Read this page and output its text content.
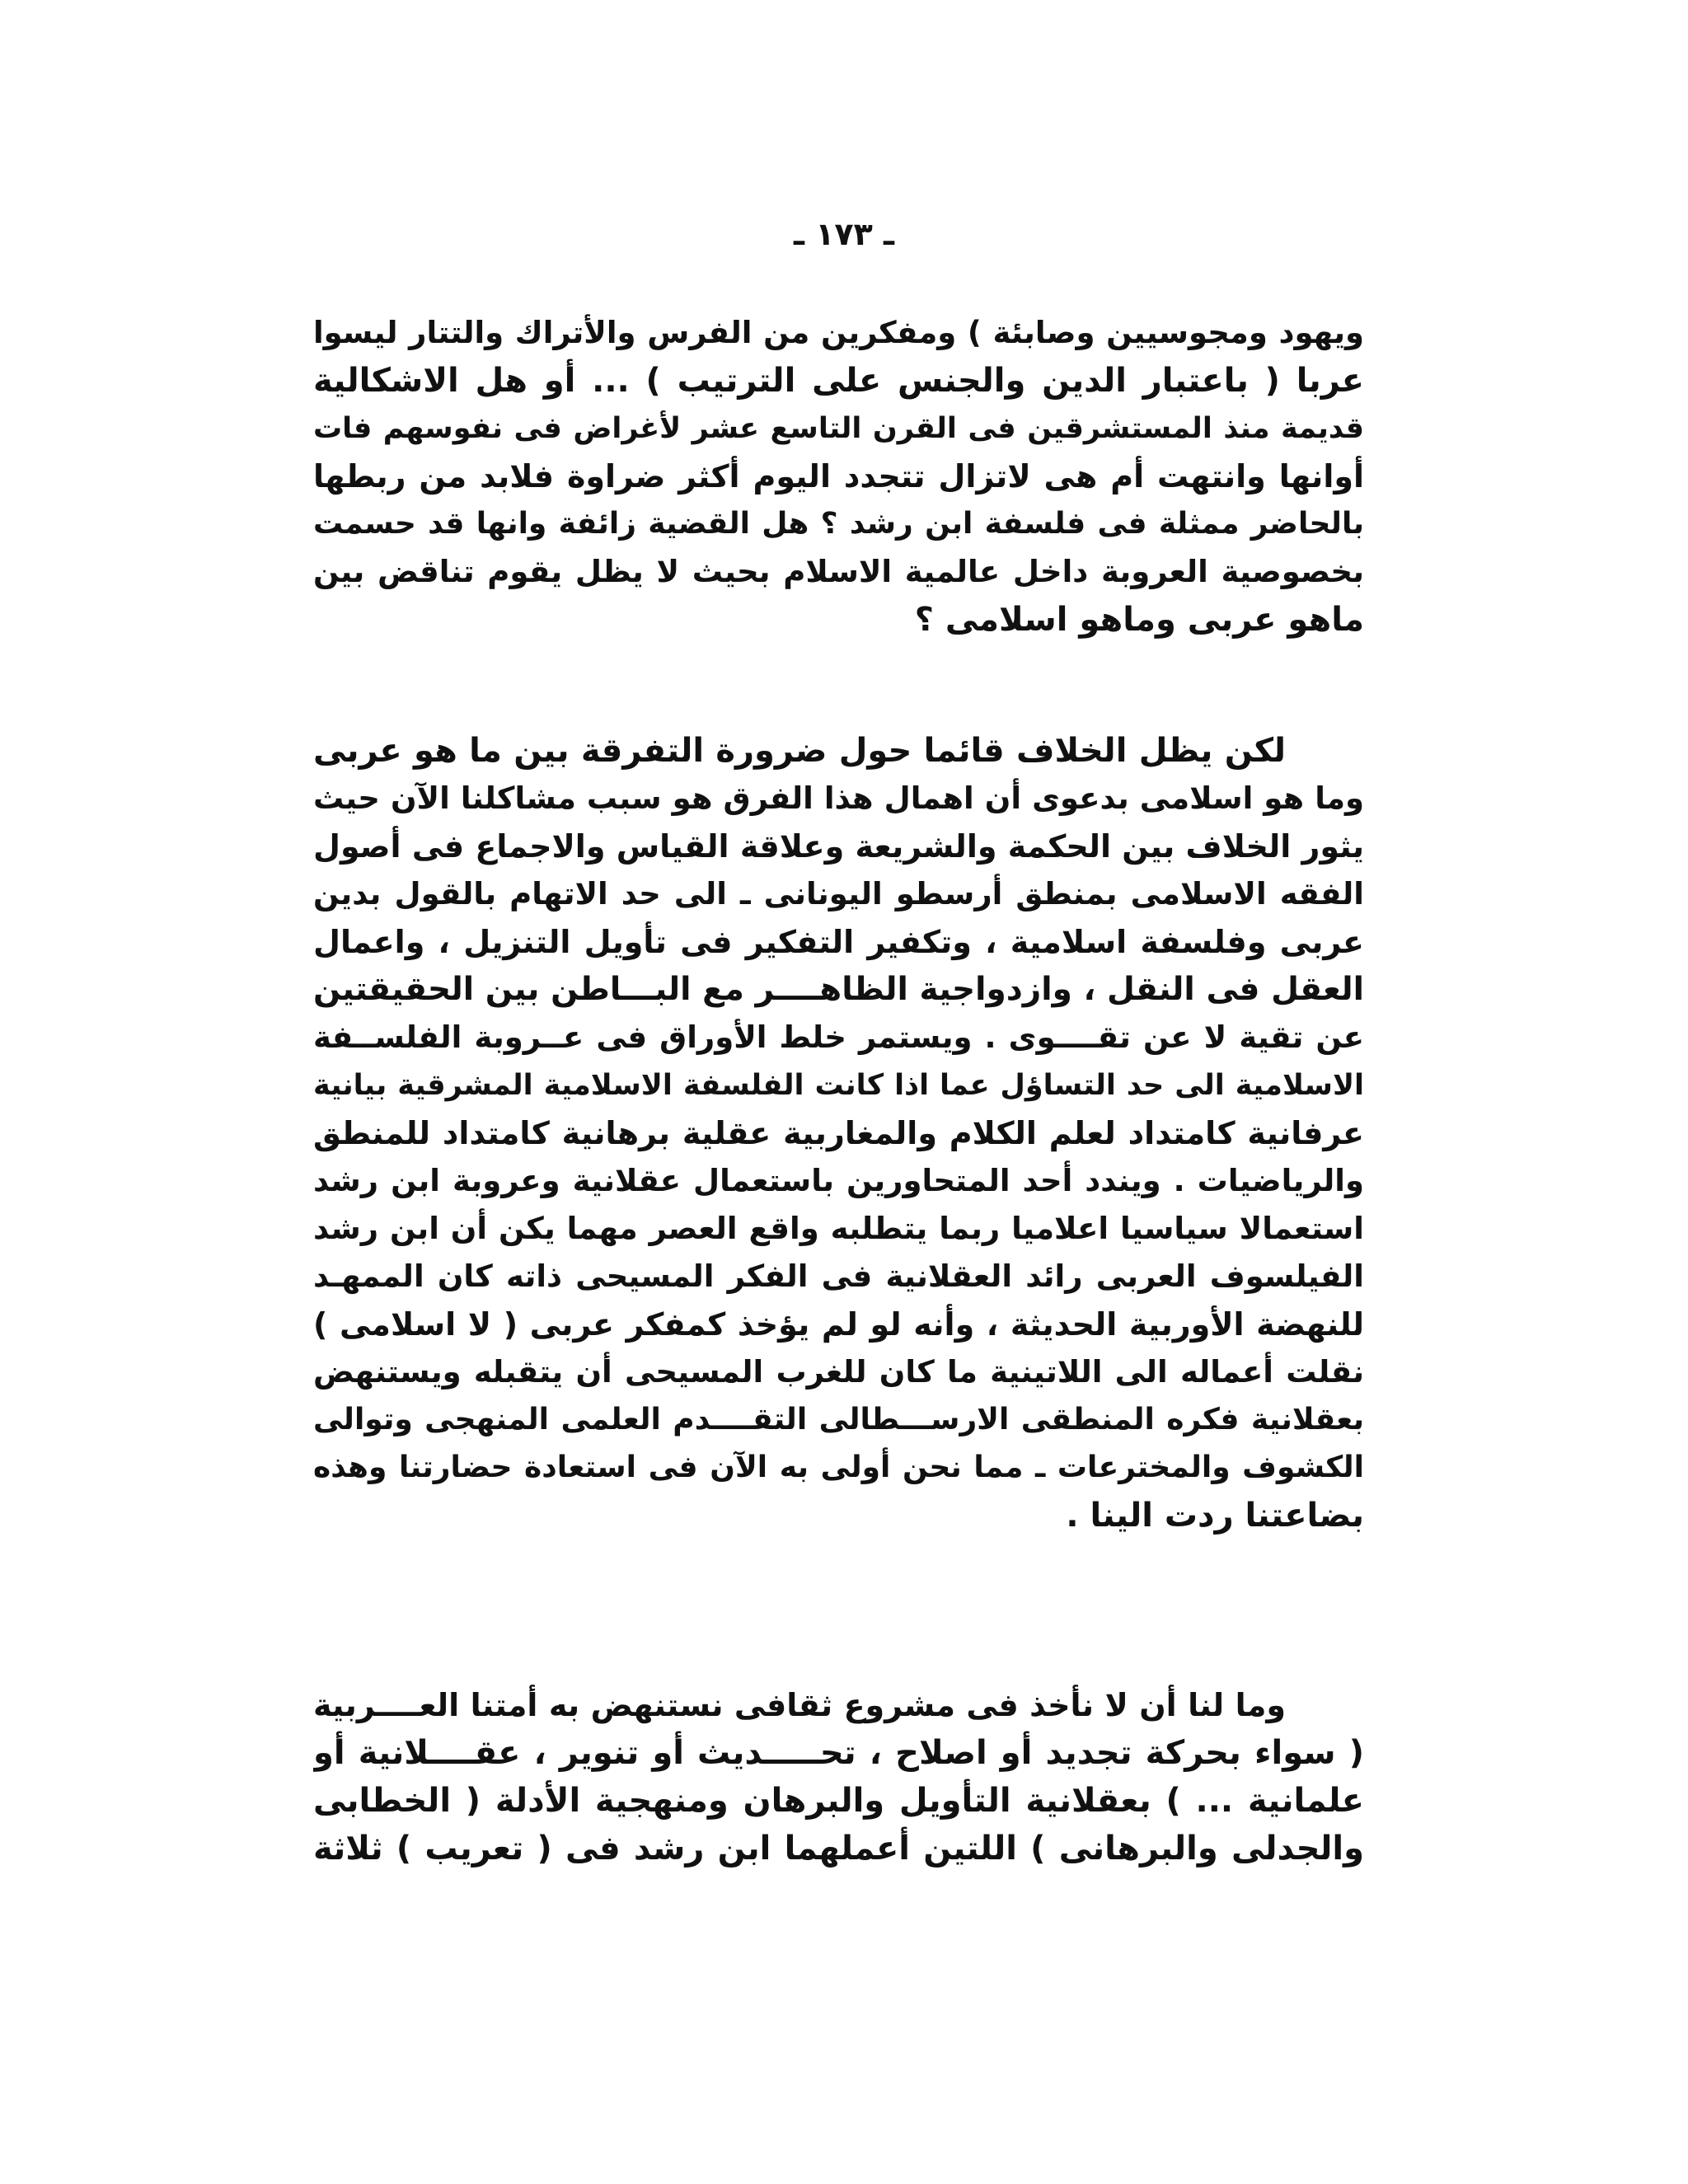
ـ ١٧٣ ـ
ويهود ومجوسيين وصابئة ) ومفكرين من الفرس والأتراك والتتار ليسوا
عربا ( باعتبار الدين والجنس على الترتيب ) ... أو هل الاشكالية
قديمة منذ المستشرقين فى القرن التاسع عشر لأغراض فى نفوسهم فات
أوانها وانتهت أم هى لاتزال تتجدد اليوم أكثر ضراوة فلابد من ربطها
بالحاضر ممثلة فى فلسفة ابن رشد ؟ هل القضية زائفة وانها قد حسمت
بخصوصية العروبة داخل عالمية الاسلام بحيث لا يظل يقوم تناقض بين
ماهو عربى وماهو اسلامى ؟
لكن يظل الخلاف قائما حول ضرورة التفرقة بين ما هو عربى
وما هو اسلامى بدعوى أن اهمال هذا الفرق هو سبب مشاكلنا الآن حيث
يثور الخلاف بين الحكمة والشريعة وعلاقة القياس والاجماع فى أصول
الفقه الاسلامى بمنطق أرسطو اليونانى ـ الى حد الاتهام بالقول بدين
عربى وفلسفة اسلامية ، وتكفير التفكير فى تأويل التنزيل ، واعمال
العقل فى النقل ، وازدواجية الظاهــــر مع البـــاطن بين الحقيقتين
عن تقية لا عن تقــــوى . ويستمر خلط الأوراق فى عــروبة الفلســفة
الاسلامية الى حد التساؤل عما اذا كانت الفلسفة الاسلامية المشرقية بيانية
عرفانية كامتداد لعلم الكلام والمغاربية عقلية برهانية كامتداد للمنطق
والرياضيات . ويندد أحد المتحاورين باستعمال عقلانية وعروبة ابن رشد
استعمالا سياسيا اعلاميا ربما يتطلبه واقع العصر مهما يكن أن ابن رشد
الفيلسوف العربى رائد العقلانية فى الفكر المسيحى ذاته كان الممهـد
للنهضة الأوربية الحديثة ، وأنه لو لم يؤخذ كمفكر عربى ( لا اسلامى )
نقلت أعماله الى اللاتينية ما كان للغرب المسيحى أن يتقبله ويستنهض
بعقلانية فكره المنطقى الارســـطالى التقــــدم العلمى المنهجى وتوالى
الكشوف والمخترعات ـ مما نحن أولى به الآن فى استعادة حضارتنا وهذه
بضاعتنا ردت الينا .
وما لنا أن لا نأخذ فى مشروع ثقافى نستنهض به أمتنا العــــربية
( سواء بحركة تجديد أو اصلاح ، تحـــــديث أو تنوير ، عقــــلانية أو
علمانية ... ) بعقلانية التأويل والبرهان ومنهجية الأدلة ( الخطابى
والجدلى والبرهانى ) اللتين أعملهما ابن رشد فى ( تعريب ) ثلاثة
